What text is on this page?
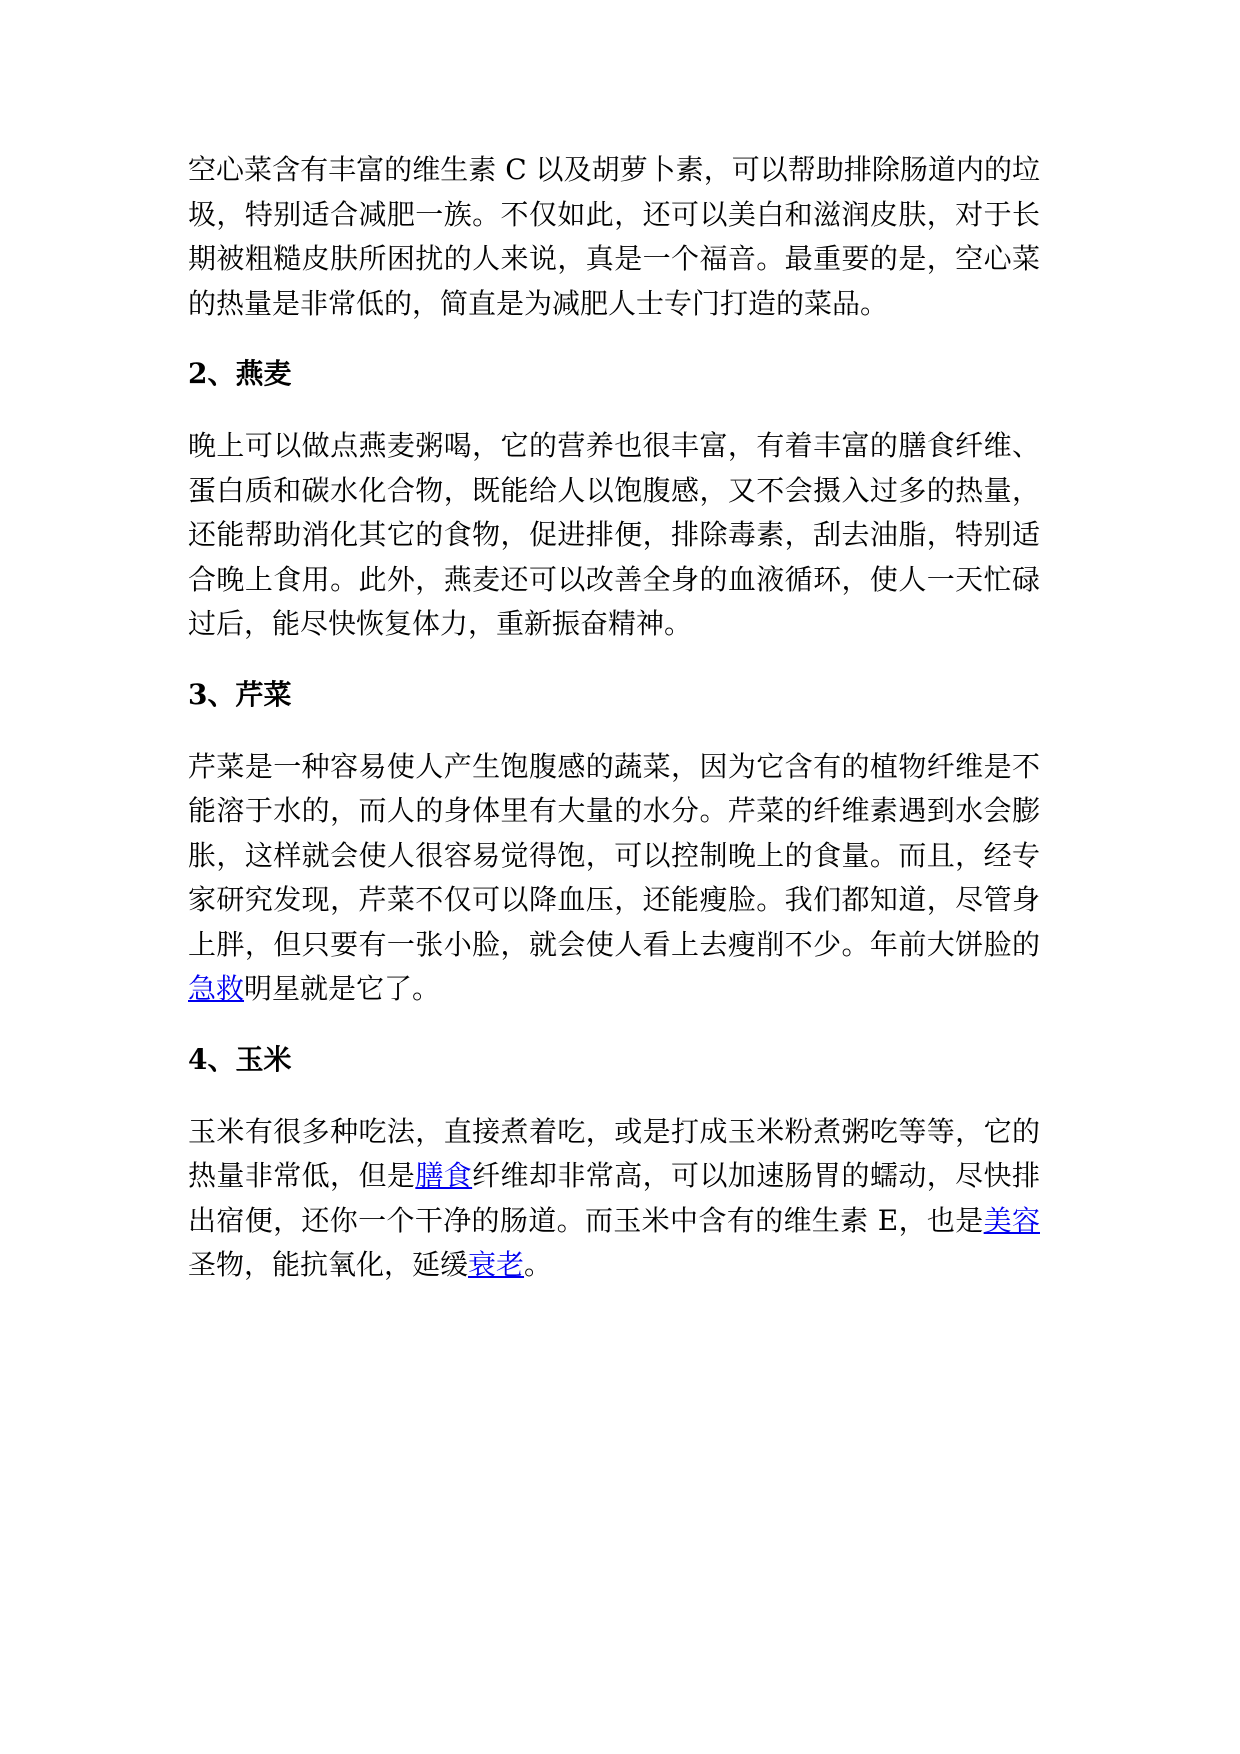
空心菜含有丰富的维生素 C 以及胡萝卜素，可以帮助排除肠道内的垃圾，特别适合减肥一族。不仅如此，还可以美白和滋润皮肤，对于长期被粗糙皮肤所困扰的人来说，真是一个福音。最重要的是，空心菜的热量是非常低的，简直是为减肥人士专门打造的菜品。

2、燕麦

晚上可以做点燕麦粥喝，它的营养也很丰富，有着丰富的膳食纤维、蛋白质和碳水化合物，既能给人以饱腹感，又不会摄入过多的热量，还能帮助消化其它的食物，促进排便，排除毒素，刮去油脂，特别适合晚上食用。此外，燕麦还可以改善全身的血液循环，使人一天忙碌过后，能尽快恢复体力，重新振奋精神。

3、芹菜

芹菜是一种容易使人产生饱腹感的蔬菜，因为它含有的植物纤维是不能溶于水的，而人的身体里有大量的水分。芹菜的纤维素遇到水会膨胀，这样就会使人很容易觉得饱，可以控制晚上的食量。而且，经专家研究发现，芹菜不仅可以降血压，还能瘦脸。我们都知道，尽管身上胖，但只要有一张小脸，就会使人看上去瘦削不少。年前大饼脸的急救明星就是它了。

4、玉米

玉米有很多种吃法，直接煮着吃，或是打成玉米粉煮粥吃等等，它的热量非常低，但是膳食纤维却非常高，可以加速肠胃的蠕动，尽快排出宿便，还你一个干净的肠道。而玉米中含有的维生素 E，也是美容圣物，能抗氧化，延缓衰老。
